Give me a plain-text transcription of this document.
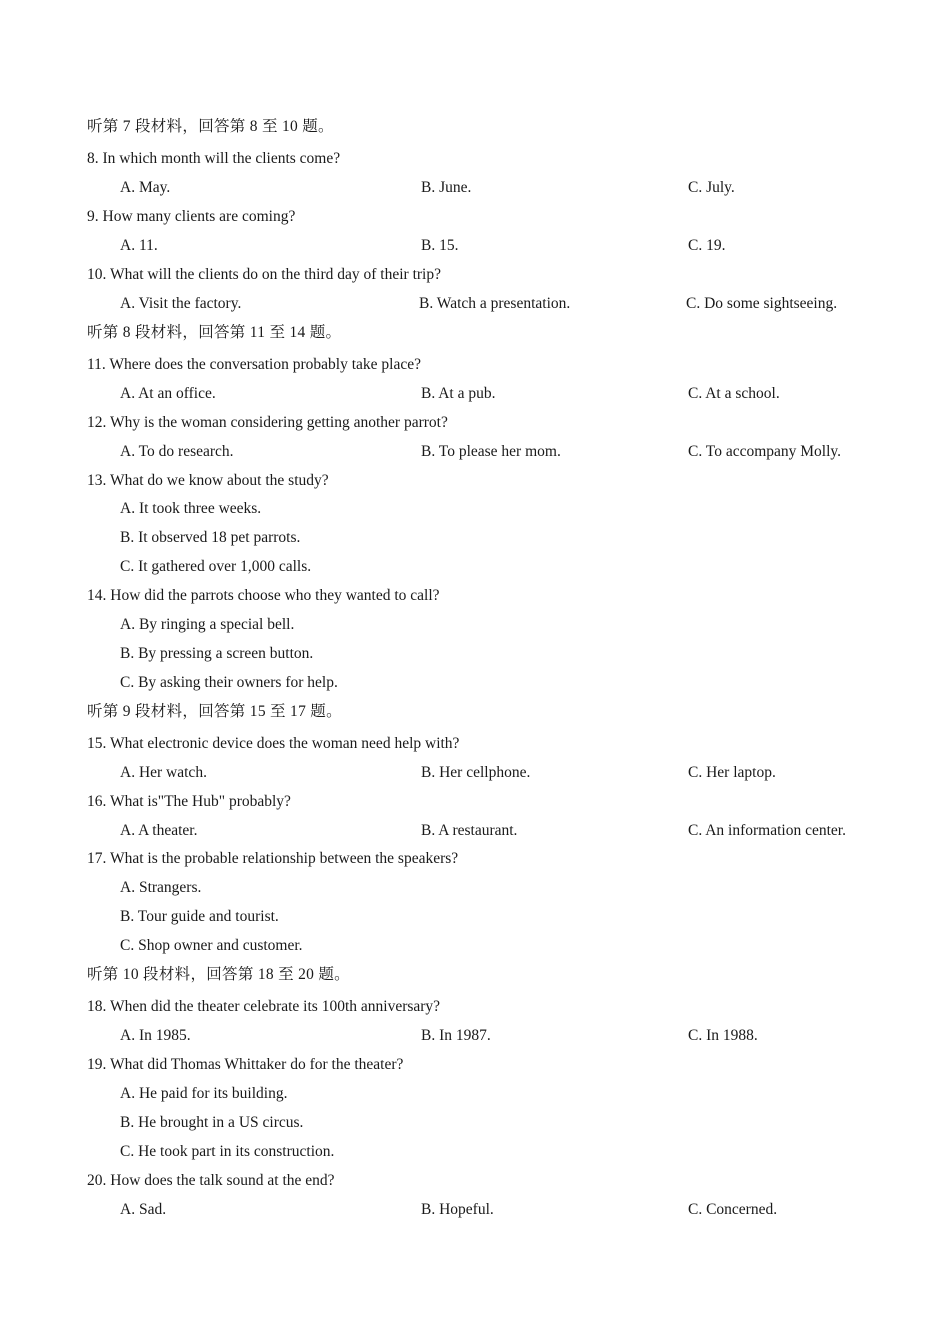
听第 7 段材料，回答第 8 至 10 题。
8. In which month will the clients come?
A. May.	B. June.	C. July.
9. How many clients are coming?
A. 11.	B. 15.	C. 19.
10. What will the clients do on the third day of their trip?
A. Visit the factory.	B. Watch a presentation.	C. Do some sightseeing.
听第 8 段材料，回答第 11 至 14 题。
11. Where does the conversation probably take place?
A. At an office.	B. At a pub.	C. At a school.
12. Why is the woman considering getting another parrot?
A. To do research.	B. To please her mom.	C. To accompany Molly.
13. What do we know about the study?
A. It took three weeks.
B. It observed 18 pet parrots.
C. It gathered over 1,000 calls.
14. How did the parrots choose who they wanted to call?
A. By ringing a special bell.
B. By pressing a screen button.
C. By asking their owners for help.
听第 9 段材料，回答第 15 至 17 题。
15. What electronic device does the woman need help with?
A. Her watch.	B. Her cellphone.	C. Her laptop.
16. What is"The Hub" probably?
A. A theater.	B. A restaurant.	C. An information center.
17. What is the probable relationship between the speakers?
A. Strangers.
B. Tour guide and tourist.
C. Shop owner and customer.
听第 10 段材料，回答第 18 至 20 题。
18. When did the theater celebrate its 100th anniversary?
A. In 1985.	B. In 1987.	C. In 1988.
19. What did Thomas Whittaker do for the theater?
A. He paid for its building.
B. He brought in a US circus.
C. He took part in its construction.
20. How does the talk sound at the end?
A. Sad.	B. Hopeful.	C. Concerned.
